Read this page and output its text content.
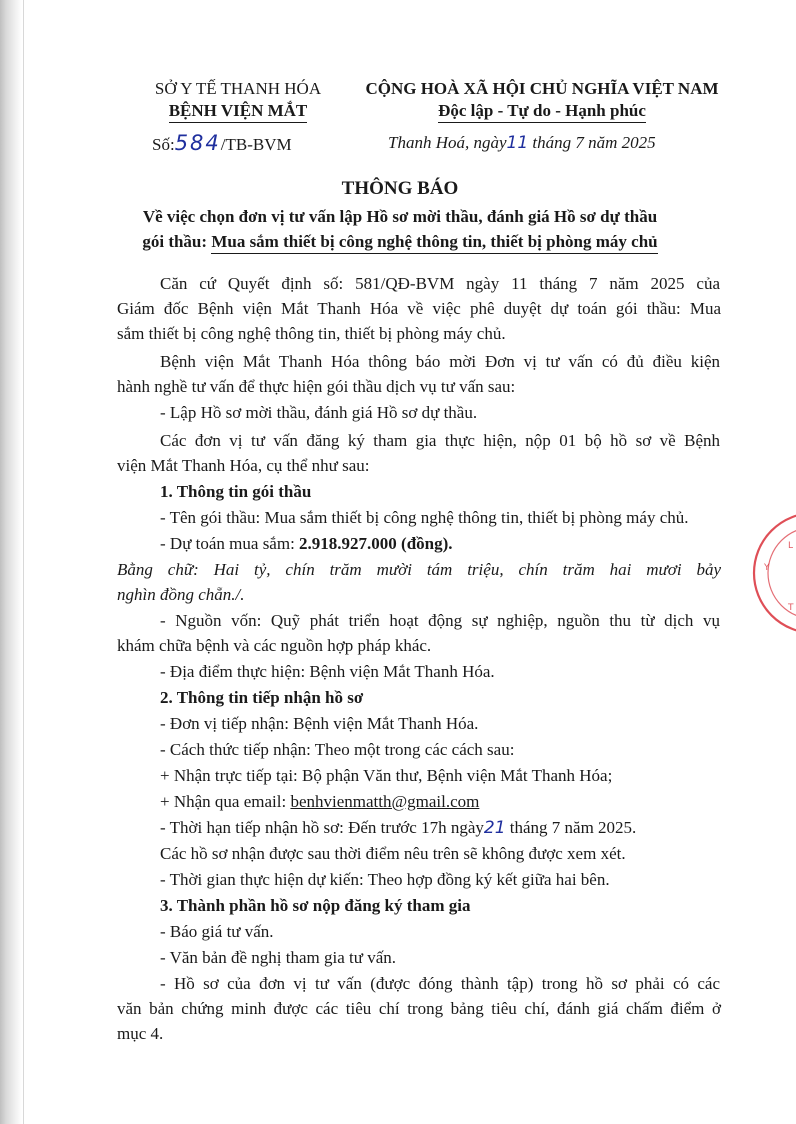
Y
L
T
SỞ Y TẾ THANH HÓA
BỆNH VIỆN MẮT
CỘNG HOÀ XÃ HỘI CHỦ NGHĨA VIỆT NAM
Độc lập - Tự do - Hạnh phúc
Số:584/TB-BVM	Thanh Hoá, ngày11 tháng 7 năm 2025
THÔNG BÁO
Về việc chọn đơn vị tư vấn lập Hồ sơ mời thầu, đánh giá Hồ sơ dự thầu
gói thầu: Mua sắm thiết bị công nghệ thông tin, thiết bị phòng máy chủ
Căn cứ Quyết định số: 581/QĐ-BVM ngày 11 tháng 7 năm 2025 của
Giám đốc Bệnh viện Mắt Thanh Hóa về việc phê duyệt dự toán gói thầu: Mua
sắm thiết bị công nghệ thông tin, thiết bị phòng máy chủ.
Bệnh viện Mắt Thanh Hóa thông báo mời Đơn vị tư vấn có đủ điều kiện
hành nghề tư vấn để thực hiện gói thầu dịch vụ tư vấn sau:
- Lập Hồ sơ mời thầu, đánh giá Hồ sơ dự thầu.
Các đơn vị tư vấn đăng ký tham gia thực hiện, nộp 01 bộ hồ sơ về Bệnh
viện Mắt Thanh Hóa, cụ thể như sau:
1. Thông tin gói thầu
- Tên gói thầu: Mua sắm thiết bị công nghệ thông tin, thiết bị phòng máy chủ.
- Dự toán mua sắm: 2.918.927.000 (đồng).
Bằng chữ: Hai tỷ, chín trăm mười tám triệu, chín trăm hai mươi bảy
nghìn đồng chẵn./.
- Nguồn vốn: Quỹ phát triển hoạt động sự nghiệp, nguồn thu từ dịch vụ
khám chữa bệnh và các nguồn hợp pháp khác.
- Địa điểm thực hiện: Bệnh viện Mắt Thanh Hóa.
2. Thông tin tiếp nhận hồ sơ
- Đơn vị tiếp nhận: Bệnh viện Mắt Thanh Hóa.
- Cách thức tiếp nhận: Theo một trong các cách sau:
+ Nhận trực tiếp tại: Bộ phận Văn thư, Bệnh viện Mắt Thanh Hóa;
+ Nhận qua email: benhvienmatth@gmail.com
- Thời hạn tiếp nhận hồ sơ: Đến trước 17h ngày21 tháng 7 năm 2025.
Các hồ sơ nhận được sau thời điểm nêu trên sẽ không được xem xét.
- Thời gian thực hiện dự kiến: Theo hợp đồng ký kết giữa hai bên.
3. Thành phần hồ sơ nộp đăng ký tham gia
- Báo giá tư vấn.
- Văn bản đề nghị tham gia tư vấn.
- Hồ sơ của đơn vị tư vấn (được đóng thành tập) trong hồ sơ phải có các
văn bản chứng minh được các tiêu chí trong bảng tiêu chí, đánh giá chấm điểm ở
mục 4.
